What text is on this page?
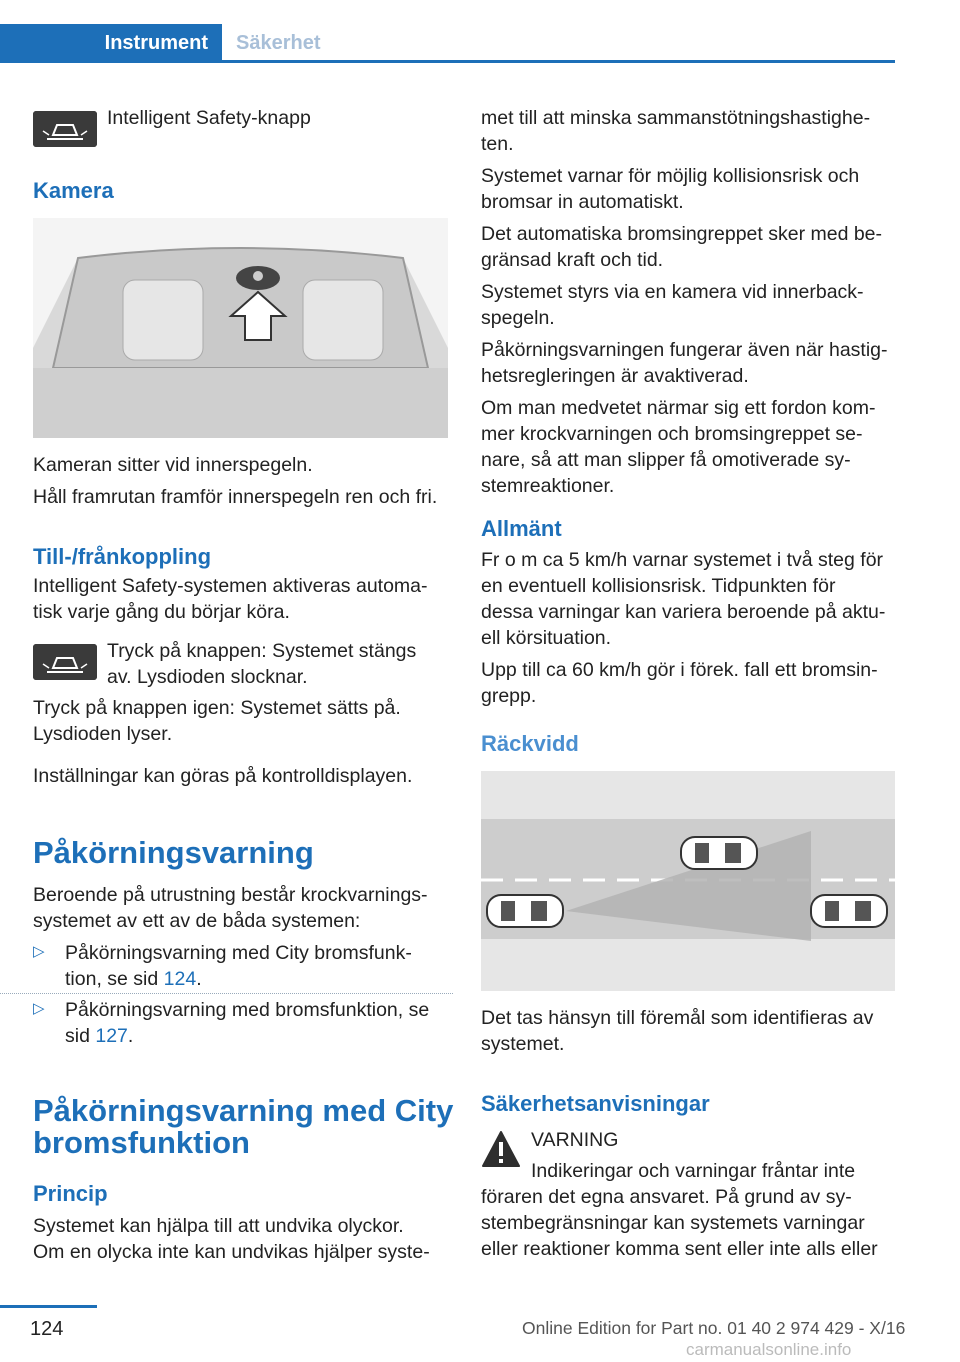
Instrument	Säkerhet

Intelligent Safety-knapp

Kamera

Kameran sitter vid innerspegeln.

Håll framrutan framför innerspegeln ren och fri.

Till-/frånkoppling

Intelligent Safety-systemen aktiveras automa-

tisk varje gång du börjar köra.

Tryck på knappen: Systemet stängs

av. Lysdioden slocknar.

Tryck på knappen igen: Systemet sätts på.

Lysdioden lyser.

Inställningar kan göras på kontrolldisplayen.

Påkörningsvarning

Beroende på utrustning består krockvarnings-

systemet av ett av de båda systemen:

▷	Påkörningsvarning med City bromsfunk-

tion, se sid 124.

▷	Påkörningsvarning med bromsfunktion, se

sid 127.

Påkörningsvarning med City

bromsfunktion

Princip

Systemet kan hjälpa till att undvika olyckor.

Om en olycka inte kan undvikas hjälper syste-

met till att minska sammanstötningshastighe-

ten.

Systemet varnar för möjlig kollisionsrisk och

bromsar in automatiskt.

Det automatiska bromsingreppet sker med be-

gränsad kraft och tid.

Systemet styrs via en kamera vid innerback-

spegeln.

Påkörningsvarningen fungerar även när hastig-

hetsregleringen är avaktiverad.

Om man medvetet närmar sig ett fordon kom-

mer krockvarningen och bromsingreppet se-

nare, så att man slipper få omotiverade sy-

stemreaktioner.

Allmänt

Fr o m ca 5 km/h varnar systemet i två steg för

en eventuell kollisionsrisk. Tidpunkten för

dessa varningar kan variera beroende på aktu-

ell körsituation.

Upp till ca 60 km/h gör i förek. fall ett bromsin-

grepp.

Räckvidd

Det tas hänsyn till föremål som identifieras av

systemet.

Säkerhetsanvisningar

VARNING

Indikeringar och varningar fråntar inte

föraren det egna ansvaret. På grund av sy-

stembegränsningar kan systemets varningar

eller reaktioner komma sent eller inte alls eller

124	Online Edition for Part no. 01 40 2 974 429 - X/16

carmanualsonline.info
